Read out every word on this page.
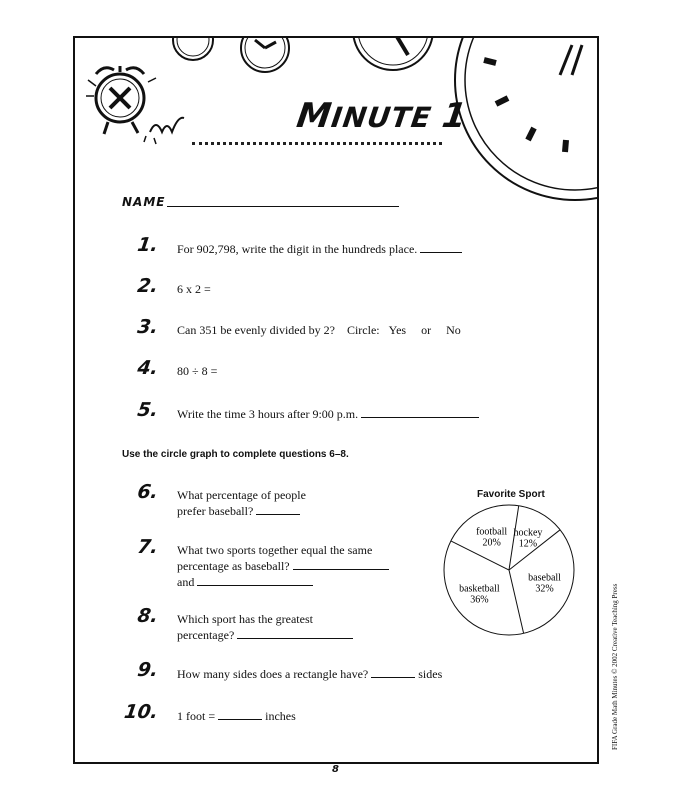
MINUTE 1
NAME
1. For 902,798, write the digit in the hundreds place.
2. 6 x 2 =
3. Can 351 be evenly divided by 2? Circle: Yes or No
4. 80 ÷ 8 =
5. Write the time 3 hours after 9:00 p.m.
Use the circle graph to complete questions 6–8.
6. What percentage of people
prefer baseball?
7. What two sports together equal the same
percentage as baseball?
and
8. Which sport has the greatest
percentage?
9. How many sides does a rectangle have?	sides
10. 1 foot =	inches
Favorite Sport
hockey
12%
baseball
32%
basketball
36%
football
20%
FIFA Grade Math Minutes © 2002 Creative Teaching Press
8
